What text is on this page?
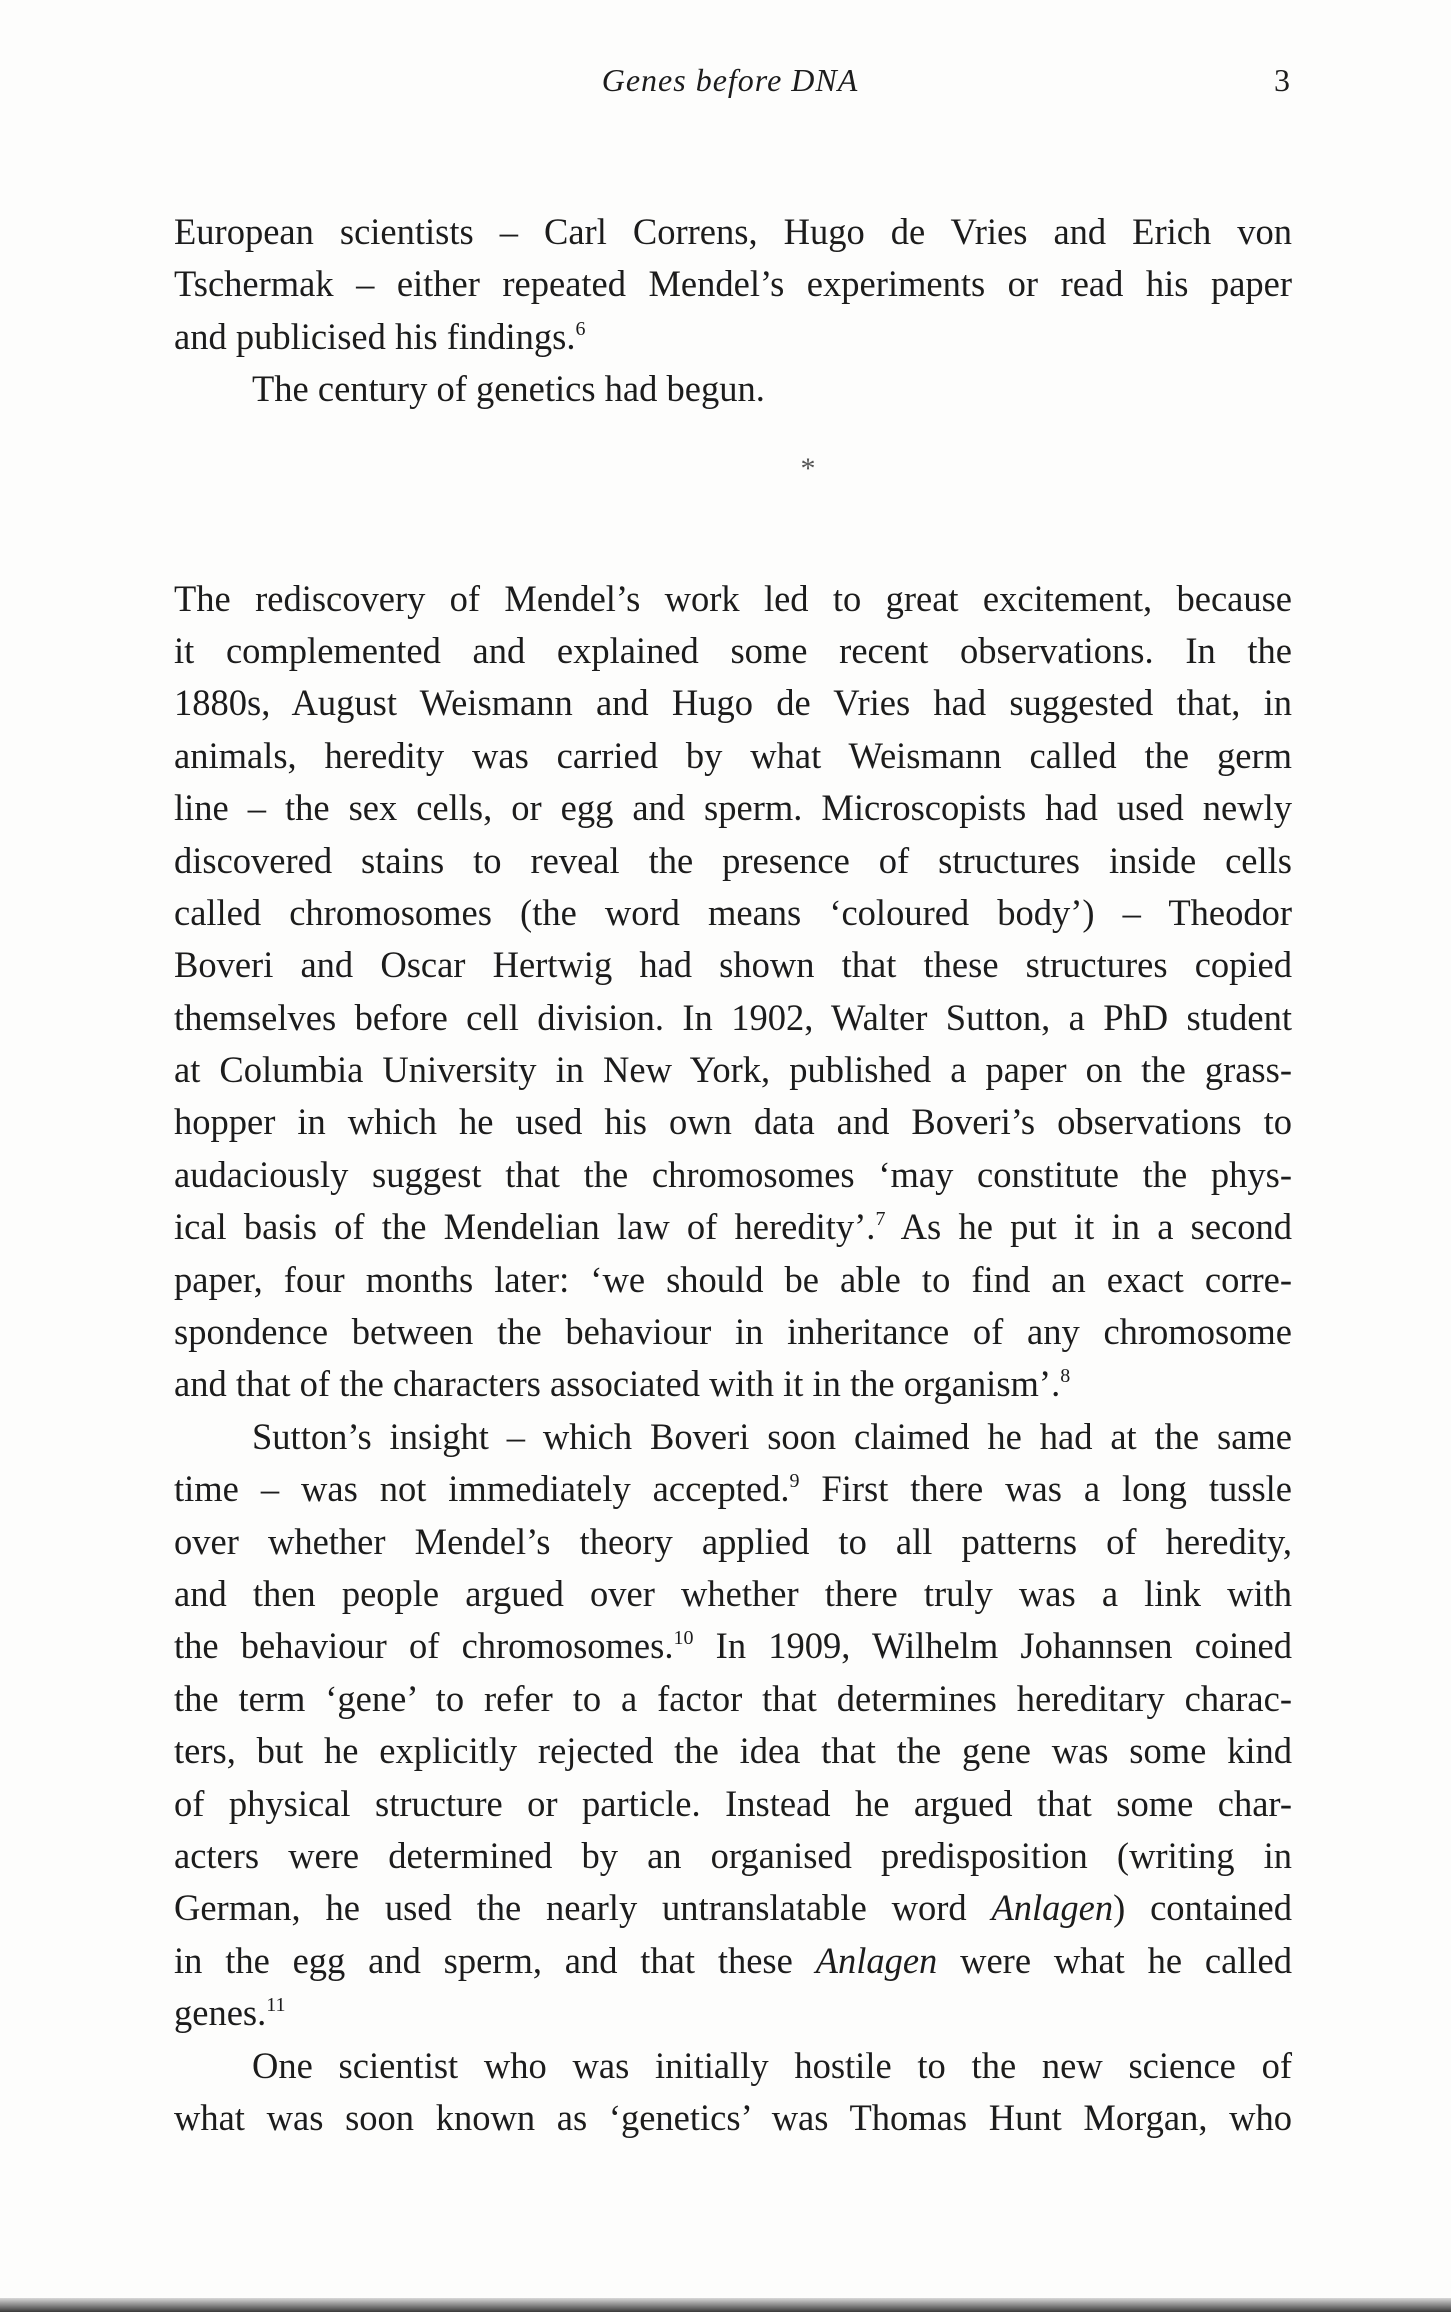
Genes before DNA	3
European scientists – Carl Correns, Hugo de Vries and Erich von
Tschermak – either repeated Mendel’s experiments or read his paper
and publicised his findings.$^6$
The century of genetics had begun.
*
The rediscovery of Mendel’s work led to great excitement, because
it complemented and explained some recent observations. In the
1880s, August Weismann and Hugo de Vries had suggested that, in
animals, heredity was carried by what Weismann called the germ
line – the sex cells, or egg and sperm. Microscopists had used newly
discovered stains to reveal the presence of structures inside cells
called chromosomes (the word means ‘coloured body’) – Theodor
Boveri and Oscar Hertwig had shown that these structures copied
themselves before cell division. In 1902, Walter Sutton, a PhD student
at Columbia University in New York, published a paper on the grass-
hopper in which he used his own data and Boveri’s observations to
audaciously suggest that the chromosomes ‘may constitute the phys-
ical basis of the Mendelian law of heredity’.$^7$ As he put it in a second
paper, four months later: ‘we should be able to find an exact corre-
spondence between the behaviour in inheritance of any chromosome
and that of the characters associated with it in the organism’.$^8$
Sutton’s insight – which Boveri soon claimed he had at the same
time – was not immediately accepted.$^9$ First there was a long tussle
over whether Mendel’s theory applied to all patterns of heredity,
and then people argued over whether there truly was a link with
the behaviour of chromosomes.$^{10}$ In 1909, Wilhelm Johannsen coined
the term ‘gene’ to refer to a factor that determines hereditary charac-
ters, but he explicitly rejected the idea that the gene was some kind
of physical structure or particle. Instead he argued that some char-
acters were determined by an organised predisposition (writing in
German, he used the nearly untranslatable word Anlagen) contained
in the egg and sperm, and that these Anlagen were what he called
genes.$^{11}$
One scientist who was initially hostile to the new science of
what was soon known as ‘genetics’ was Thomas Hunt Morgan, who
